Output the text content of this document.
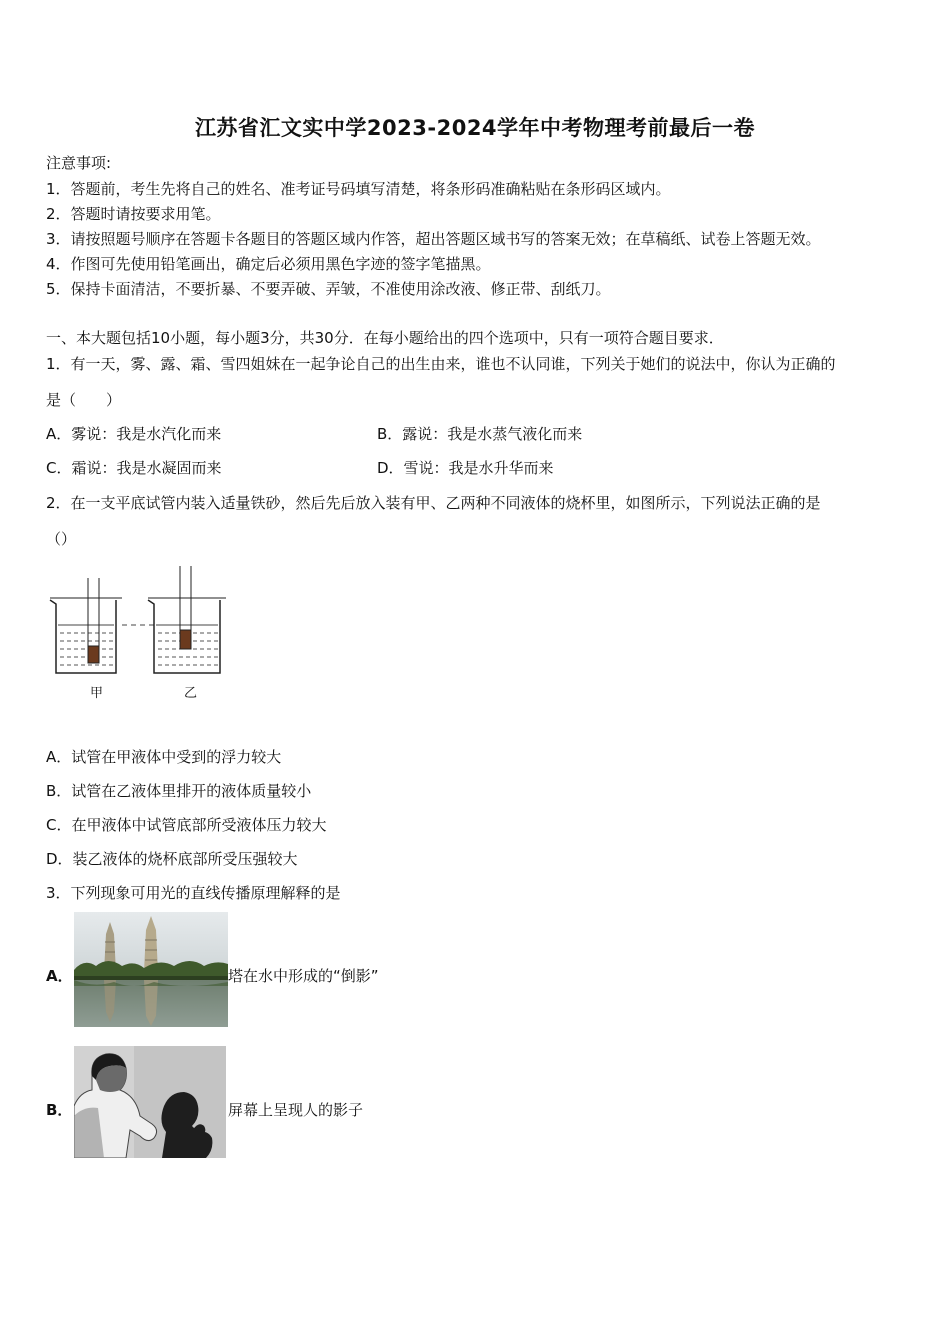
江苏省汇文实中学2023-2024学年中考物理考前最后一卷
注意事项:
1．答题前，考生先将自己的姓名、准考证号码填写清楚，将条形码准确粘贴在条形码区域内。
2．答题时请按要求用笔。
3．请按照题号顺序在答题卡各题目的答题区域内作答，超出答题区域书写的答案无效；在草稿纸、试卷上答题无效。
4．作图可先使用铅笔画出，确定后必须用黑色字迹的签字笔描黑。
5．保持卡面清洁，不要折暴、不要弄破、弄皱，不准使用涂改液、修正带、刮纸刀。
一、本大题包括10小题，每小题3分，共30分．在每小题给出的四个选项中，只有一项符合题目要求．
1．有一天，雾、露、霜、雪四姐妹在一起争论自己的出生由来，谁也不认同谁，下列关于她们的说法中，你认为正确的
是（　　）
A．雾说：我是水汽化而来	B．露说：我是水蒸气液化而来
C．霜说：我是水凝固而来	D．雪说：我是水升华而来
2．在一支平底试管内装入适量铁砂，然后先后放入装有甲、乙两种不同液体的烧杯里，如图所示，下列说法正确的是
（）
甲	乙
A．试管在甲液体中受到的浮力较大
B．试管在乙液体里排开的液体质量较小
C．在甲液体中试管底部所受液体压力较大
D．装乙液体的烧杯底部所受压强较大
3．下列现象可用光的直线传播原理解释的是
A．	塔在水中形成的“倒影”
B．	屏幕上呈现人的影子
